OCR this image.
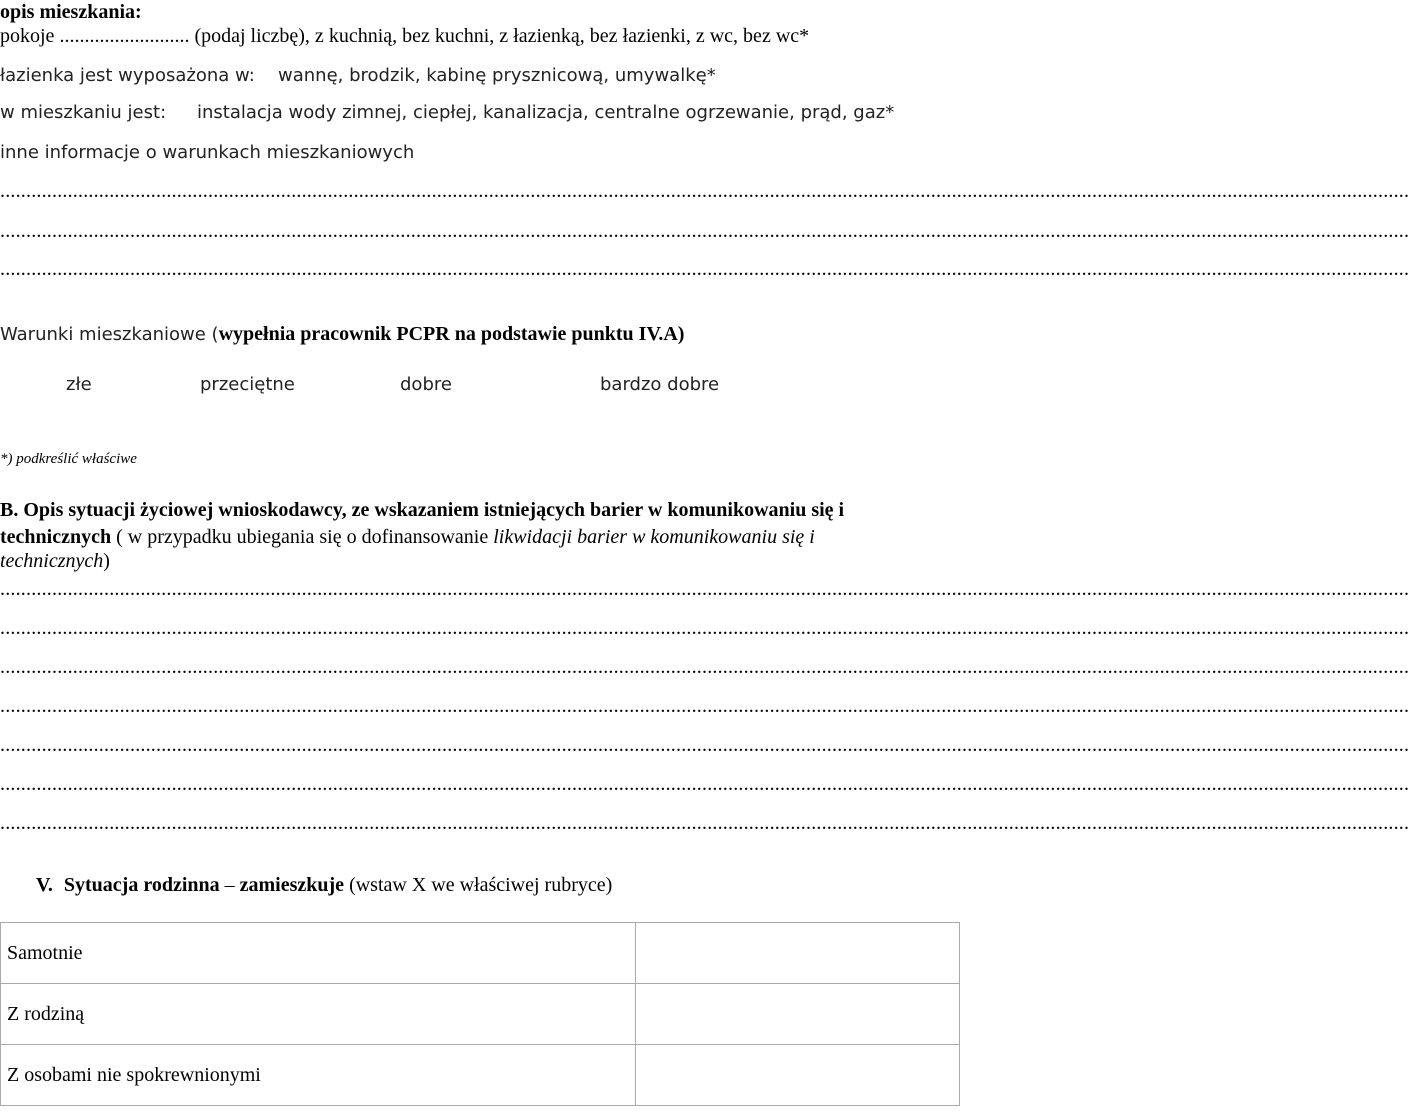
opis mieszkania:
pokoje .......................... (podaj liczbę), z kuchnią, bez kuchni, z łazienką, bez łazienki, z wc, bez wc*
łazienka jest wyposażona w: wannę, brodzik, kabinę prysznicową, umywalkę*
w mieszkaniu jest: instalacja wody zimnej, ciepłej, kanalizacja, centralne ogrzewanie, prąd, gaz*
inne informacje o warunkach mieszkaniowych
...............................................................................................................................................................................................................................................................................
...............................................................................................................................................................................................................................................................................
...............................................................................................................................................................................................................................................................................
Warunki mieszkaniowe (wypełnia pracownik PCPR na podstawie punktu IV.A)
złe	przeciętne	dobre	bardzo dobre
*) podkreślić właściwe
B. Opis sytuacji życiowej wnioskodawcy, ze wskazaniem istniejących barier w komunikowaniu się i
technicznych ( w przypadku ubiegania się o dofinansowanie likwidacji barier w komunikowaniu się i
technicznych)
...............................................................................................................................................................................................................................................................................
...............................................................................................................................................................................................................................................................................
...............................................................................................................................................................................................................................................................................
...............................................................................................................................................................................................................................................................................
...............................................................................................................................................................................................................................................................................
...............................................................................................................................................................................................................................................................................
...............................................................................................................................................................................................................................................................................
V. Sytuacja rodzinna – zamieszkuje (wstaw X we właściwej rubryce)
Samotnie	
Z rodziną	
Z osobami nie spokrewnionymi	
